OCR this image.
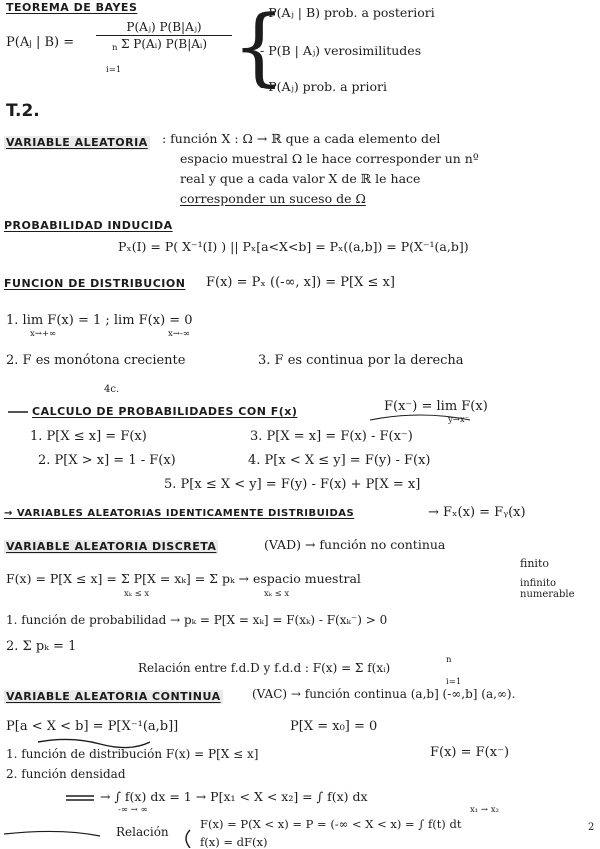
TEOREMA DE BAYES
P(Aj | $B) = \frac{\text{P(Aⱼ) P(B|Aⱼ)}}{\text{Σ P(Aᵢ) P(B|Aᵢ)}}$
n
i=1 {
- P(Aⱼ | B) prob. a posteriori
- P(B | Aⱼ) verosimilitudes
- P(Aⱼ) prob. a priori
T.2.
VARIABLE ALEATORIA : función X : Ω → ℝ que a cada elemento del
espacio muestral Ω le hace corresponder un nº
real y que a cada valor X de ℝ le hace
corresponder un suceso de Ω
PROBABILIDAD INDUCIDA
Pₓ(I) = P( X⁻¹(I) ) || Pₓ[a<X<b] = Pₓ((a,b]) = P(X⁻¹(a,b])
FUNCION DE DISTRIBUCION F(x) = Pₓ ((-∞, x]) = P[X ≤ x]
1. lim F(x) = 1 ; lim F(x) = 0
x→+∞	x→-∞
2. F es monótona creciente	3. F es continua por la derecha
4c.
CALCULO DE PROBABILIDADES CON F(x)	F(x⁻) = lim F(x)
y→x⁻
1. P[X ≤ x] = F(x)	3. P[X = x] = F(x) - F(x⁻)
2. P[X > x] = 1 - F(x)	4. P[x < X ≤ y] = F(y) - F(x)
5. P[x ≤ X < y] = F(y) - F(x) + P[X = x]
→ VARIABLES ALEATORIAS IDENTICAMENTE DISTRIBUIDAS	→ Fₓ(x) = Fᵧ(x)
VARIABLE ALEATORIA DISCRETA	(VAD) → función no continua
F(x) = P[X ≤ x] = Σ P[X = xₖ] = Σ pₖ → espacio muestral
xₖ ≤ x	xₖ ≤ x
finito
infinito numerable
1. función de probabilidad → pₖ = P[X = xₖ] = F(xₖ) - F(xₖ⁻) > 0
2. Σ pₖ = 1
Relación entre f.d.D y f.d.d : F(x) = Σ f(xᵢ)
i=1
n
VARIABLE ALEATORIA CONTINUA	(VAC) → función continua (a,b] (-∞,b] (a,∞).
P[a < X < b] = P[X⁻¹(a,b]]	P[X = x₀] = 0
1. función de distribución F(x) = P[X ≤ x]	F(x) = F(x⁻)
2. función densidad
→ ∫ f(x) dx = 1 → P[x₁ < X < x₂] = ∫ f(x) dx
-∞ → ∞	x₁ → x₂
Relación
F(x) = P(X < x) = P = (-∞ < X < x) = ∫ f(t) dt
f(x) = dF(x)
2
